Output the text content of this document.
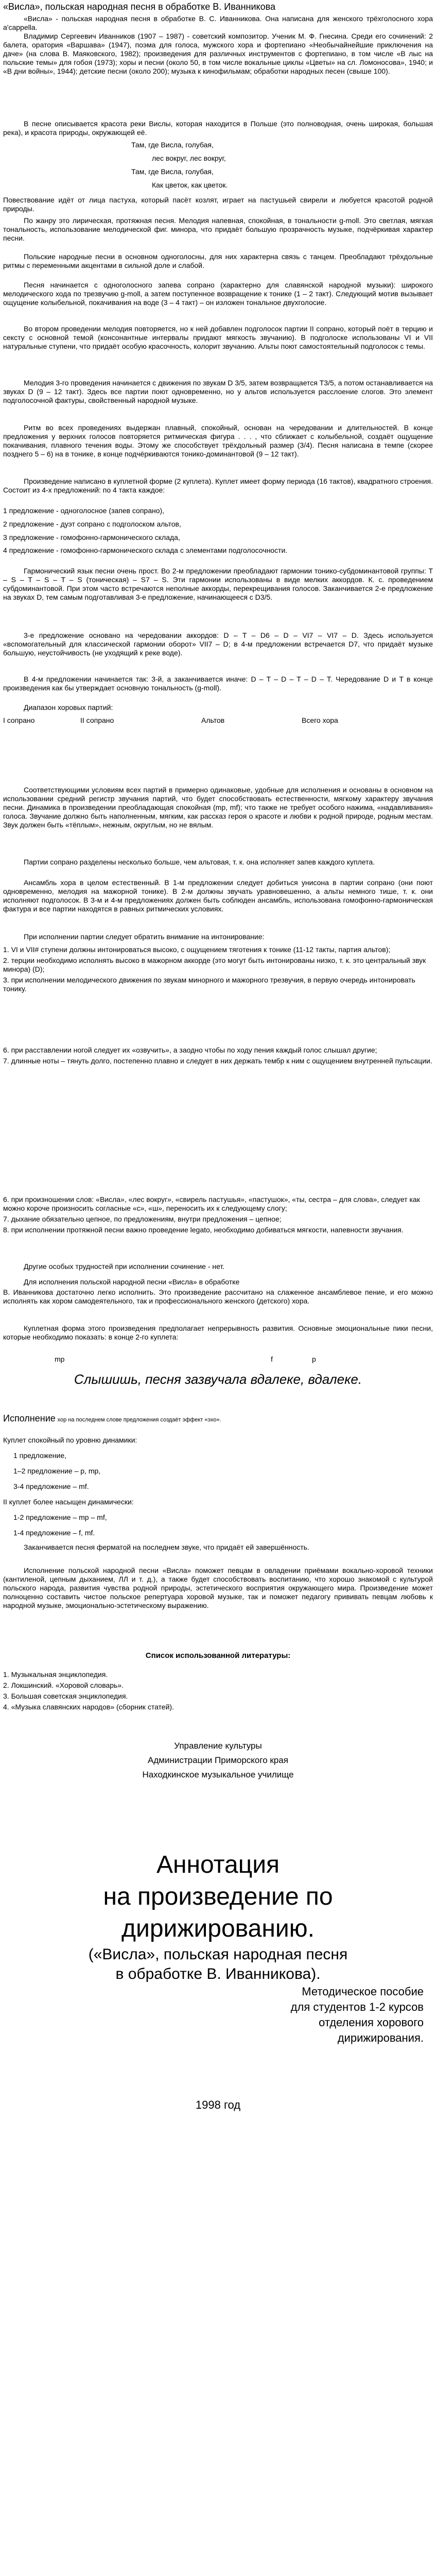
«Висла», польская народная песня в обработке В. Иванникова

«Висла» - польская народная песня в обработке В. С. Иванникова. Она написана для женского трёхголосного хора a'cappella.

Владимир Сергеевич Иванников (1907 – 1987) - советский композитор. Ученик М. Ф. Гнесина. Среди его сочинений: 2 балета, оратория «Варшава» (1947), поэма для голоса, мужского хора и фортепиано «Необычайнейшие приключения на даче» (на слова В. Маяковского, 1982); произведения для различных инструментов с фортепиано, в том числе «В лыс на польские темы» для гобоя (1973); хоры и песни (около 50, в том числе вокальные циклы «Цветы» на сл. Ломоносова», 1940; и «В дни войны», 1944); детские песни (около 200); музыка к кинофильмам; обработки народных песен (свыше 100).

В песне описывается красота реки Вислы, которая находится в Польше (это полноводная, очень широкая, большая река), и красота природы, окружающей её.

Там, где Висла, голубая,
лес вокруг, лес вокруг,
Там, где Висла, голубая,
Как цветок, как цветок.

Повествование идёт от лица пастуха, который пасёт козлят, играет на пастушьей свирели и любуется красотой родной природы.

По жанру это лирическая, протяжная песня. Мелодия напевная, спокойная, в тональности g-moll. Это светлая, мягкая тональность, использование мелодической фиг. минора, что придаёт большую прозрачность музыке, подчёркивая характер песни.

Польские народные песни в основном одноголосны, для них характерна связь с танцем. Преобладают трёхдольные ритмы с переменными акцентами в сильной доле и слабой.

Песня начинается с одноголосного запева сопрано (характерно для славянской народной музыки): широкого мелодического хода по трезвучию g-moll, а затем поступенное возвращение к тонике (1 – 2 такт). Следующий мотив вызывает ощущение колыбельной, покачивания на воде (3 – 4 такт) – он изложен тональное двухголосие.

Во втором проведении мелодия повторяется, но к ней добавлен подголосок партии II сопрано, который поёт в терцию и сексту с основной темой (консонантные интервалы придают мягкость звучанию). В подголоске использованы VI и VII натуральные ступени, что придаёт особую красочность, колорит звучанию. Альты поют самостоятельный подголосок с темы.

Мелодия 3-го проведения начинается с движения по звукам D 3/5, затем возвращается T3/5, а потом останавливается на звуках D (9 – 12 такт). Здесь все партии поют одновременно, но у альтов используется расслоение слогов. Это элемент подголосочной фактуры, свойственный народной музыке.

Ритм во всех проведениях выдержан плавный, спокойный, основан на чередовании и длительностей. В конце предложения у верхних голосов повторяется ритмическая фигура . . . , что сближает с колыбельной, создаёт ощущение покачивания, плавного течения воды. Этому же способствует трёхдольный размер (3/4). Песня написана в темпе (скорее позднего 5 – 6) на в тонике, в конце подчёркиваются тонико-доминантовой (9 – 12 такт).

Произведение написано в куплетной форме (2 куплета). Куплет имеет форму периода (16 тактов), квадратного строения. Состоит из 4-х предложений: по 4 такта каждое:

1 предложение - одноголосное (запев сопрано),
2 предложение - дуэт сопрано с подголоском альтов,
3 предложение - гомофонно-гармонического склада,

4 предложение - гомофонно-гармонического склада с элементами подголосочности.

Гармонический язык песни очень прост. Во 2-м предложении преобладают гармонии тонико-субдоминантовой группы: T – S – T – S – T – S (тоническая) – S7 – S. Эти гармонии использованы в виде мелких аккордов. К. с. проведением субдоминантовой. При этом часто встречаются неполные аккорды, перекрещивания голосов. Заканчивается 2-е предложение на звуках D, тем самым подготавливая 3-е предложение, начинающееся с D3/5.

3-е предложение основано на чередовании аккордов: D – T – D6 – D – VI7 – VI7 – D. Здесь используется «вспомогательный для классической гармонии оборот» VII7 – D; в 4-м предложении встречается D7, что придаёт музыке большую, неустойчивость (не уходящий к реке воде).

В 4-м предложении начинается так: 3-й, а заканчивается иначе: D – T – D – T – D – T. Чередование D и T в конце произведения как бы утверждает основную тональность (g-moll).

Диапазон хоровых партий:

I сопрано	II сопрано	Альтов	Всего хора

Соответствующими условиям всех партий в примерно одинаковые, удобные для исполнения и основаны в основном на использовании средний регистр звучания партий, что будет способствовать естественности, мягкому характеру звучания песни. Динамика в произведении преобладающая спокойная (mp, mf); что также не требует особого нажима, «надавливания» голоса. Звучание должно быть наполненным, мягким, как рассказ героя о красоте и любви к родной природе, родным местам. Звук должен быть «тёплым», нежным, округлым, но не вялым.

Партии сопрано разделены несколько больше, чем альтовая, т. к. она исполняет запев каждого куплета.

Ансамбль хора в целом естественный. В 1-м предложении следует добиться унисона в партии сопрано (они поют одновременно, мелодия на мажорной тонике). В 2-м должны звучать уравновешенно, а альты немного тише, т. к. они исполняют подголосок. В 3-м и 4-м предложениях должен быть соблюден ансамбль, использована гомофонно-гармоническая фактура и все партии находятся в равных ритмических условиях.

При исполнении партии следует обратить внимание на интонирование:

1. VI и VII# ступени должны интонироваться высоко, с ощущением тяготения к тонике (11-12 такты, партия альтов);
2. терции необходимо исполнять высоко в мажорном аккорде (это могут быть интонированы низко, т. к. это центральный звук минора) (D);
3. при исполнении мелодического движения по звукам минорного и мажорного трезвучия, в первую очередь интонировать тонику.
6. при расставлении ногой следует их «озвучить», а заодно чтобы по ходу пения каждый голос слышал другие;
7. длинные ноты – тянуть долго, постепенно плавно и следует в них держать тембр к ним с ощущением внутренней пульсации.
6. при произношении слов: «Висла», «лес вокруг», «свирель пастушья», «пастушок», «ты, сестра – для слова», следует как можно короче произносить согласные «с», «ш», переносить их к следующему слогу;
7. дыхание обязательно цепное, по предложениям, внутри предложения – цепное;
8. при исполнении протяжной песни важно проведение legato, необходимо добиваться мягкости, напевности звучания.

Другие особых трудностей при исполнении сочинение - нет.

Для исполнения польской народной песни «Висла» в обработке

В. Иванникова достаточно легко исполнить. Это произведение рассчитано на слаженное ансамблевое пение, и его можно исполнять как хором самодеятельного, так и профессионального женского (детского) хора.

Куплетная форма этого произведения предполагает непрерывность развития. Основные эмоциональные пики песни, которые необходимо показать: в конце 2-го куплета:

mp	f	p
Слышишь, песня зазвучала вдалеке, вдалеке.
Исполнение хор на последнем слове предложения создаёт эффект «эхо».
Куплет спокойный по уровню динамики:
1 предложение,
1–2 предложение – p, mp,
3-4 предложение – mf.
II куплет более насыщен динамически:
1-2 предложение – mp – mf,
1-4 предложение – f, mf.

Заканчивается песня ферматой на последнем звуке, что придаёт ей завершённость.

Исполнение польской народной песни «Висла» поможет певцам в овладении приёмами вокально-хоровой техники (кантиленой, цепным дыханием, ЛЛ и т. д.), а также будет способствовать воспитанию, что хорошо знакомой с культурой польского народа, развития чувства родной природы, эстетического восприятия окружающего мира. Произведение может полноценно составить чистое польское репертуара хоровой музыке, так и поможет педагогу прививать певцам любовь к народной музыке, эмоционально-эстетическому выражению.

Список использованной литературы:

1. Музыкальная энциклопедия.
2. Локшинский. «Хоровой словарь».
3. Большая советская энциклопедия.
4. «Музыка славянских народов» (сборник статей).
Управление культуры
Администрации Приморского края
Находкинское музыкальное училище
Аннотация
на произведение по
дирижированию.
(«Висла», польская народная песня
в обработке В. Иванникова).
Методическое пособие
для студентов 1-2 курсов
отделения хорового
дирижирования.
1998 год
